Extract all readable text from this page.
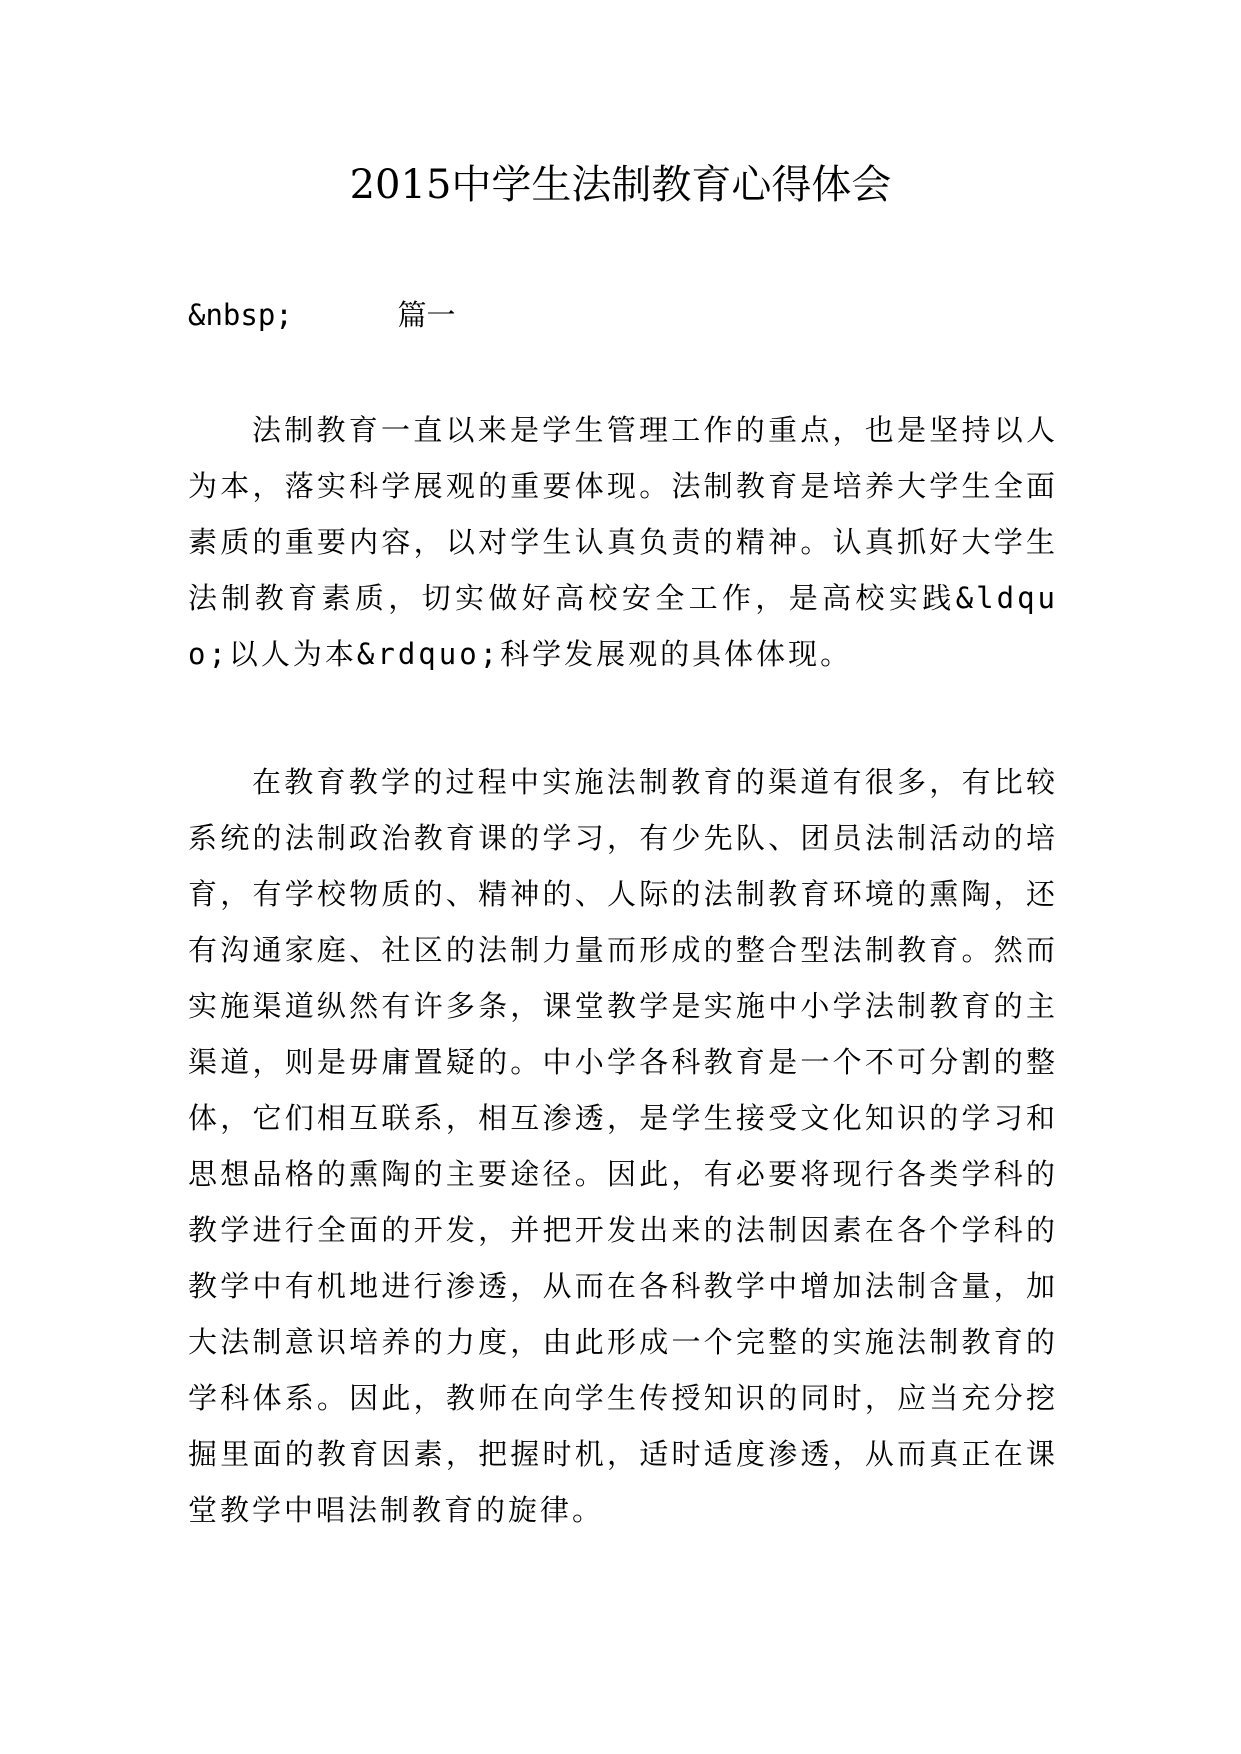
2015中学生法制教育心得体会
&nbsp;      篇一

法制教育一直以来是学生管理工作的重点，也是坚持以人为本，落实科学展观的重要体现。法制教育是培养大学生全面素质的重要内容，以对学生认真负责的精神。认真抓好大学生法制教育素质，切实做好高校安全工作，是高校实践&ldquo;以人为本&rdquo;科学发展观的具体体现。

在教育教学的过程中实施法制教育的渠道有很多，有比较系统的法制政治教育课的学习，有少先队、团员法制活动的培育，有学校物质的、精神的、人际的法制教育环境的熏陶，还有沟通家庭、社区的法制力量而形成的整合型法制教育。然而实施渠道纵然有许多条，课堂教学是实施中小学法制教育的主渠道，则是毋庸置疑的。中小学各科教育是一个不可分割的整体，它们相互联系，相互渗透，是学生接受文化知识的学习和思想品格的熏陶的主要途径。因此，有必要将现行各类学科的教学进行全面的开发，并把开发出来的法制因素在各个学科的教学中有机地进行渗透，从而在各科教学中增加法制含量，加大法制意识培养的力度，由此形成一个完整的实施法制教育的学科体系。因此，教师在向学生传授知识的同时，应当充分挖掘里面的教育因素，把握时机，适时适度渗透，从而真正在课堂教学中唱法制教育的旋律。
